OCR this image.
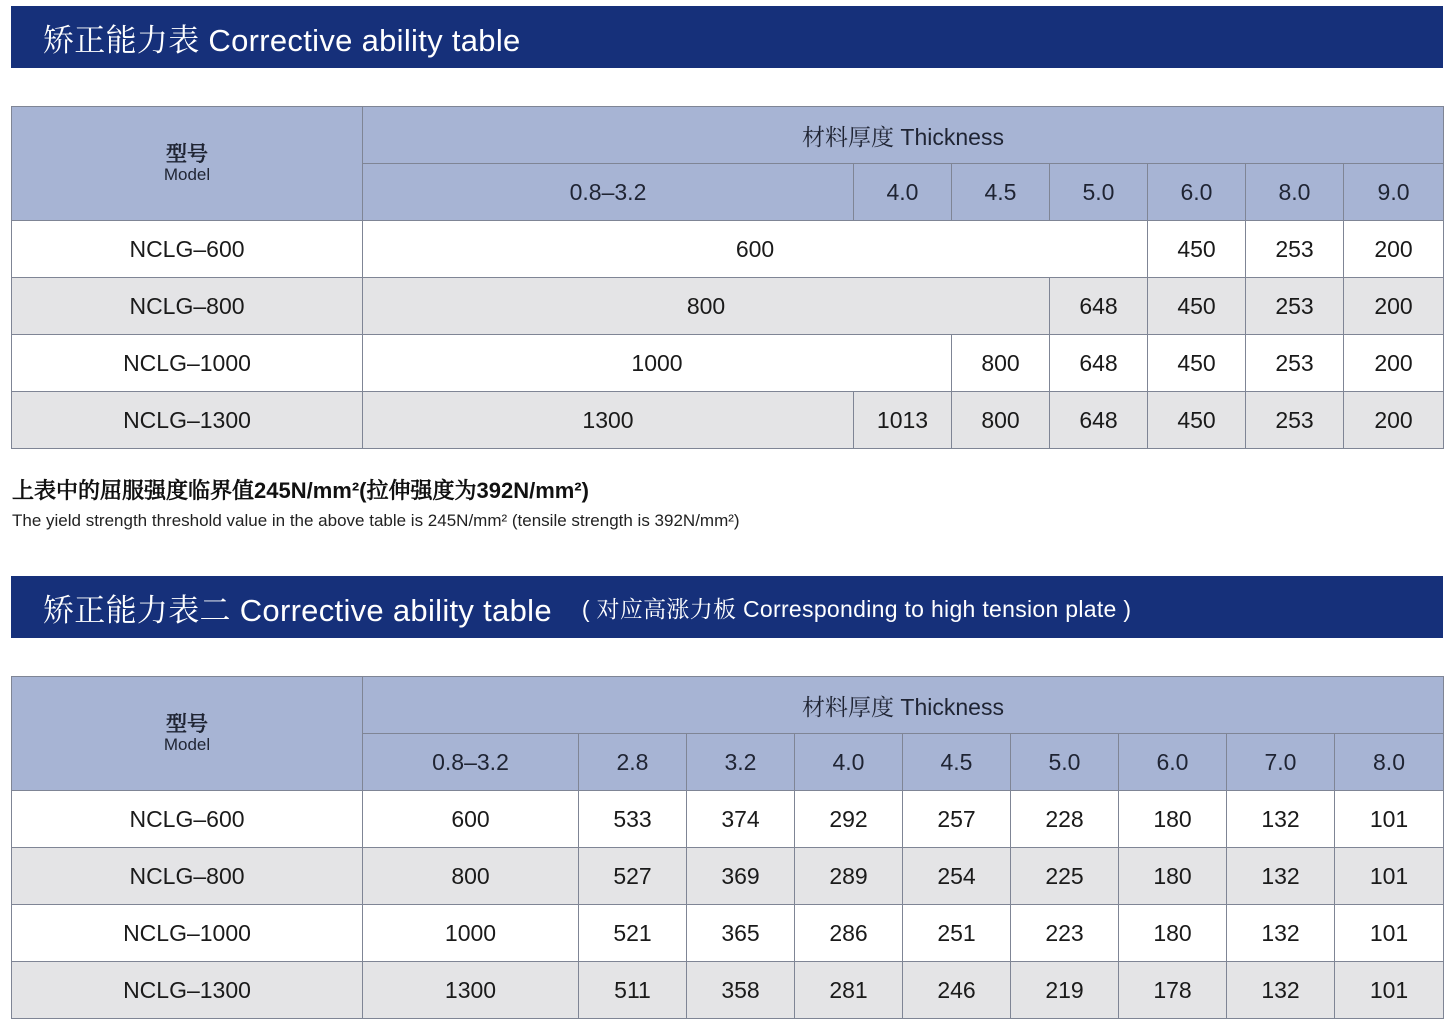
矫正能力表 Corrective ability table
型号
Model	材料厚度 Thickness						
	0.8–3.2	4.0	4.5	5.0	6.0	8.0	9.0
NCLG–600	600				450	253	200
NCLG–800	800			648	450	253	200
NCLG–1000	1000		800	648	450	253	200
NCLG–1300	1300	1013	800	648	450	253	200
上表中的屈服强度临界值245N/mm²(拉伸强度为392N/mm²)
The yield strength threshold value in the above table is 245N/mm² (tensile strength is 392N/mm²)
矫正能力表二 Corrective ability table ( 对应高涨力板 Corresponding to high tension plate )
型号
Model	材料厚度 Thickness								
	0.8–3.2	2.8	3.2	4.0	4.5	5.0	6.0	7.0	8.0
NCLG–600	600	533	374	292	257	228	180	132	101
NCLG–800	800	527	369	289	254	225	180	132	101
NCLG–1000	1000	521	365	286	251	223	180	132	101
NCLG–1300	1300	511	358	281	246	219	178	132	101
